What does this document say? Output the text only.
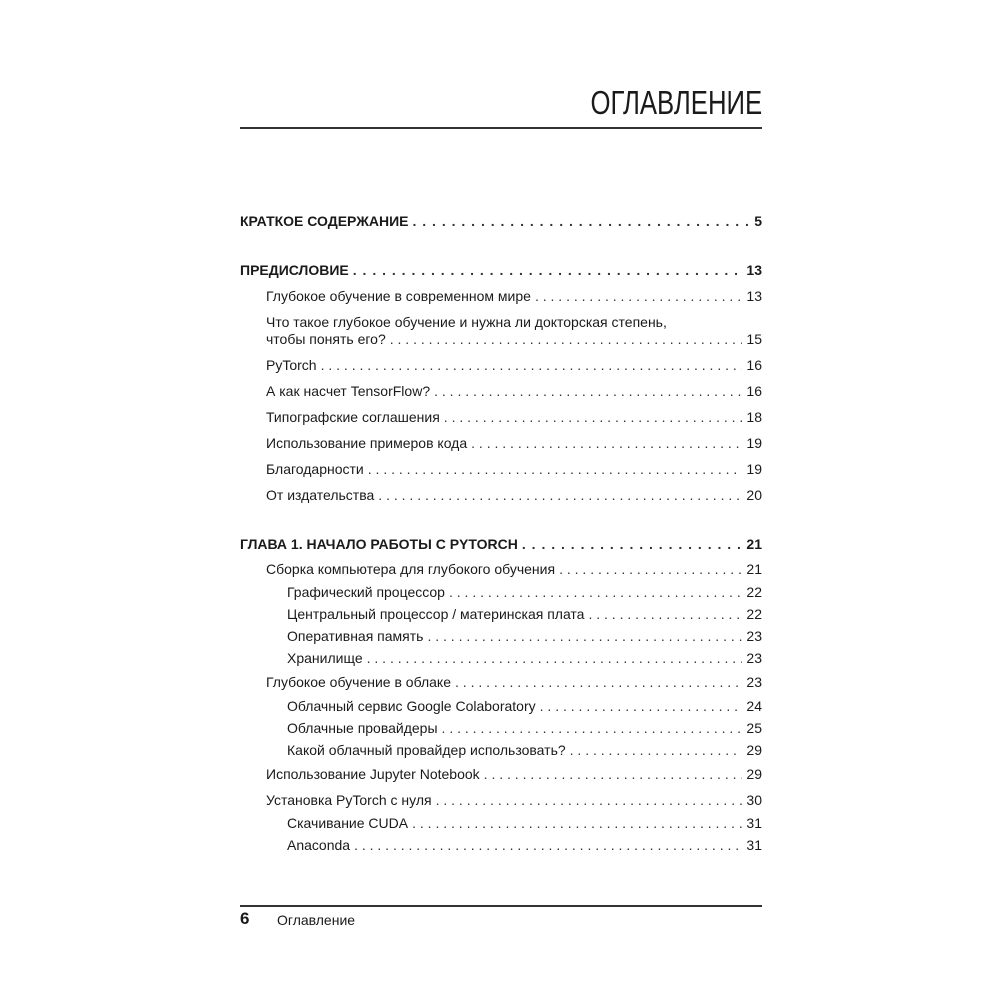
ОГЛАВЛЕНИЕ
КРАТКОЕ СОДЕРЖАНИЕ . . .	5
ПРЕДИСЛОВИЕ . . .	13
Глубокое обучение в современном мире . . .	13
Что такое глубокое обучение и нужна ли докторская степень,
чтобы понять его? . . .	15
PyTorch . . .	16
А как насчет TensorFlow? . . .	16
Типографские соглашения . . .	18
Использование примеров кода . . .	19
Благодарности . . .	19
От издательства . . .	20
ГЛАВА 1. НАЧАЛО РАБОТЫ С PYTORCH . . .	21
Сборка компьютера для глубокого обучения . . .	21
Графический процессор . . .	22
Центральный процессор / материнская плата . . .	22
Оперативная память . . .	23
Хранилище . . .	23
Глубокое обучение в облаке . . .	23
Облачный сервис Google Colaboratory . . .	24
Облачные провайдеры . . .	25
Какой облачный провайдер использовать? . . .	29
Использование Jupyter Notebook . . .	29
Установка PyTorch с нуля . . .	30
Скачивание CUDA . . .	31
Anaconda . . .	31
6 Оглавление
